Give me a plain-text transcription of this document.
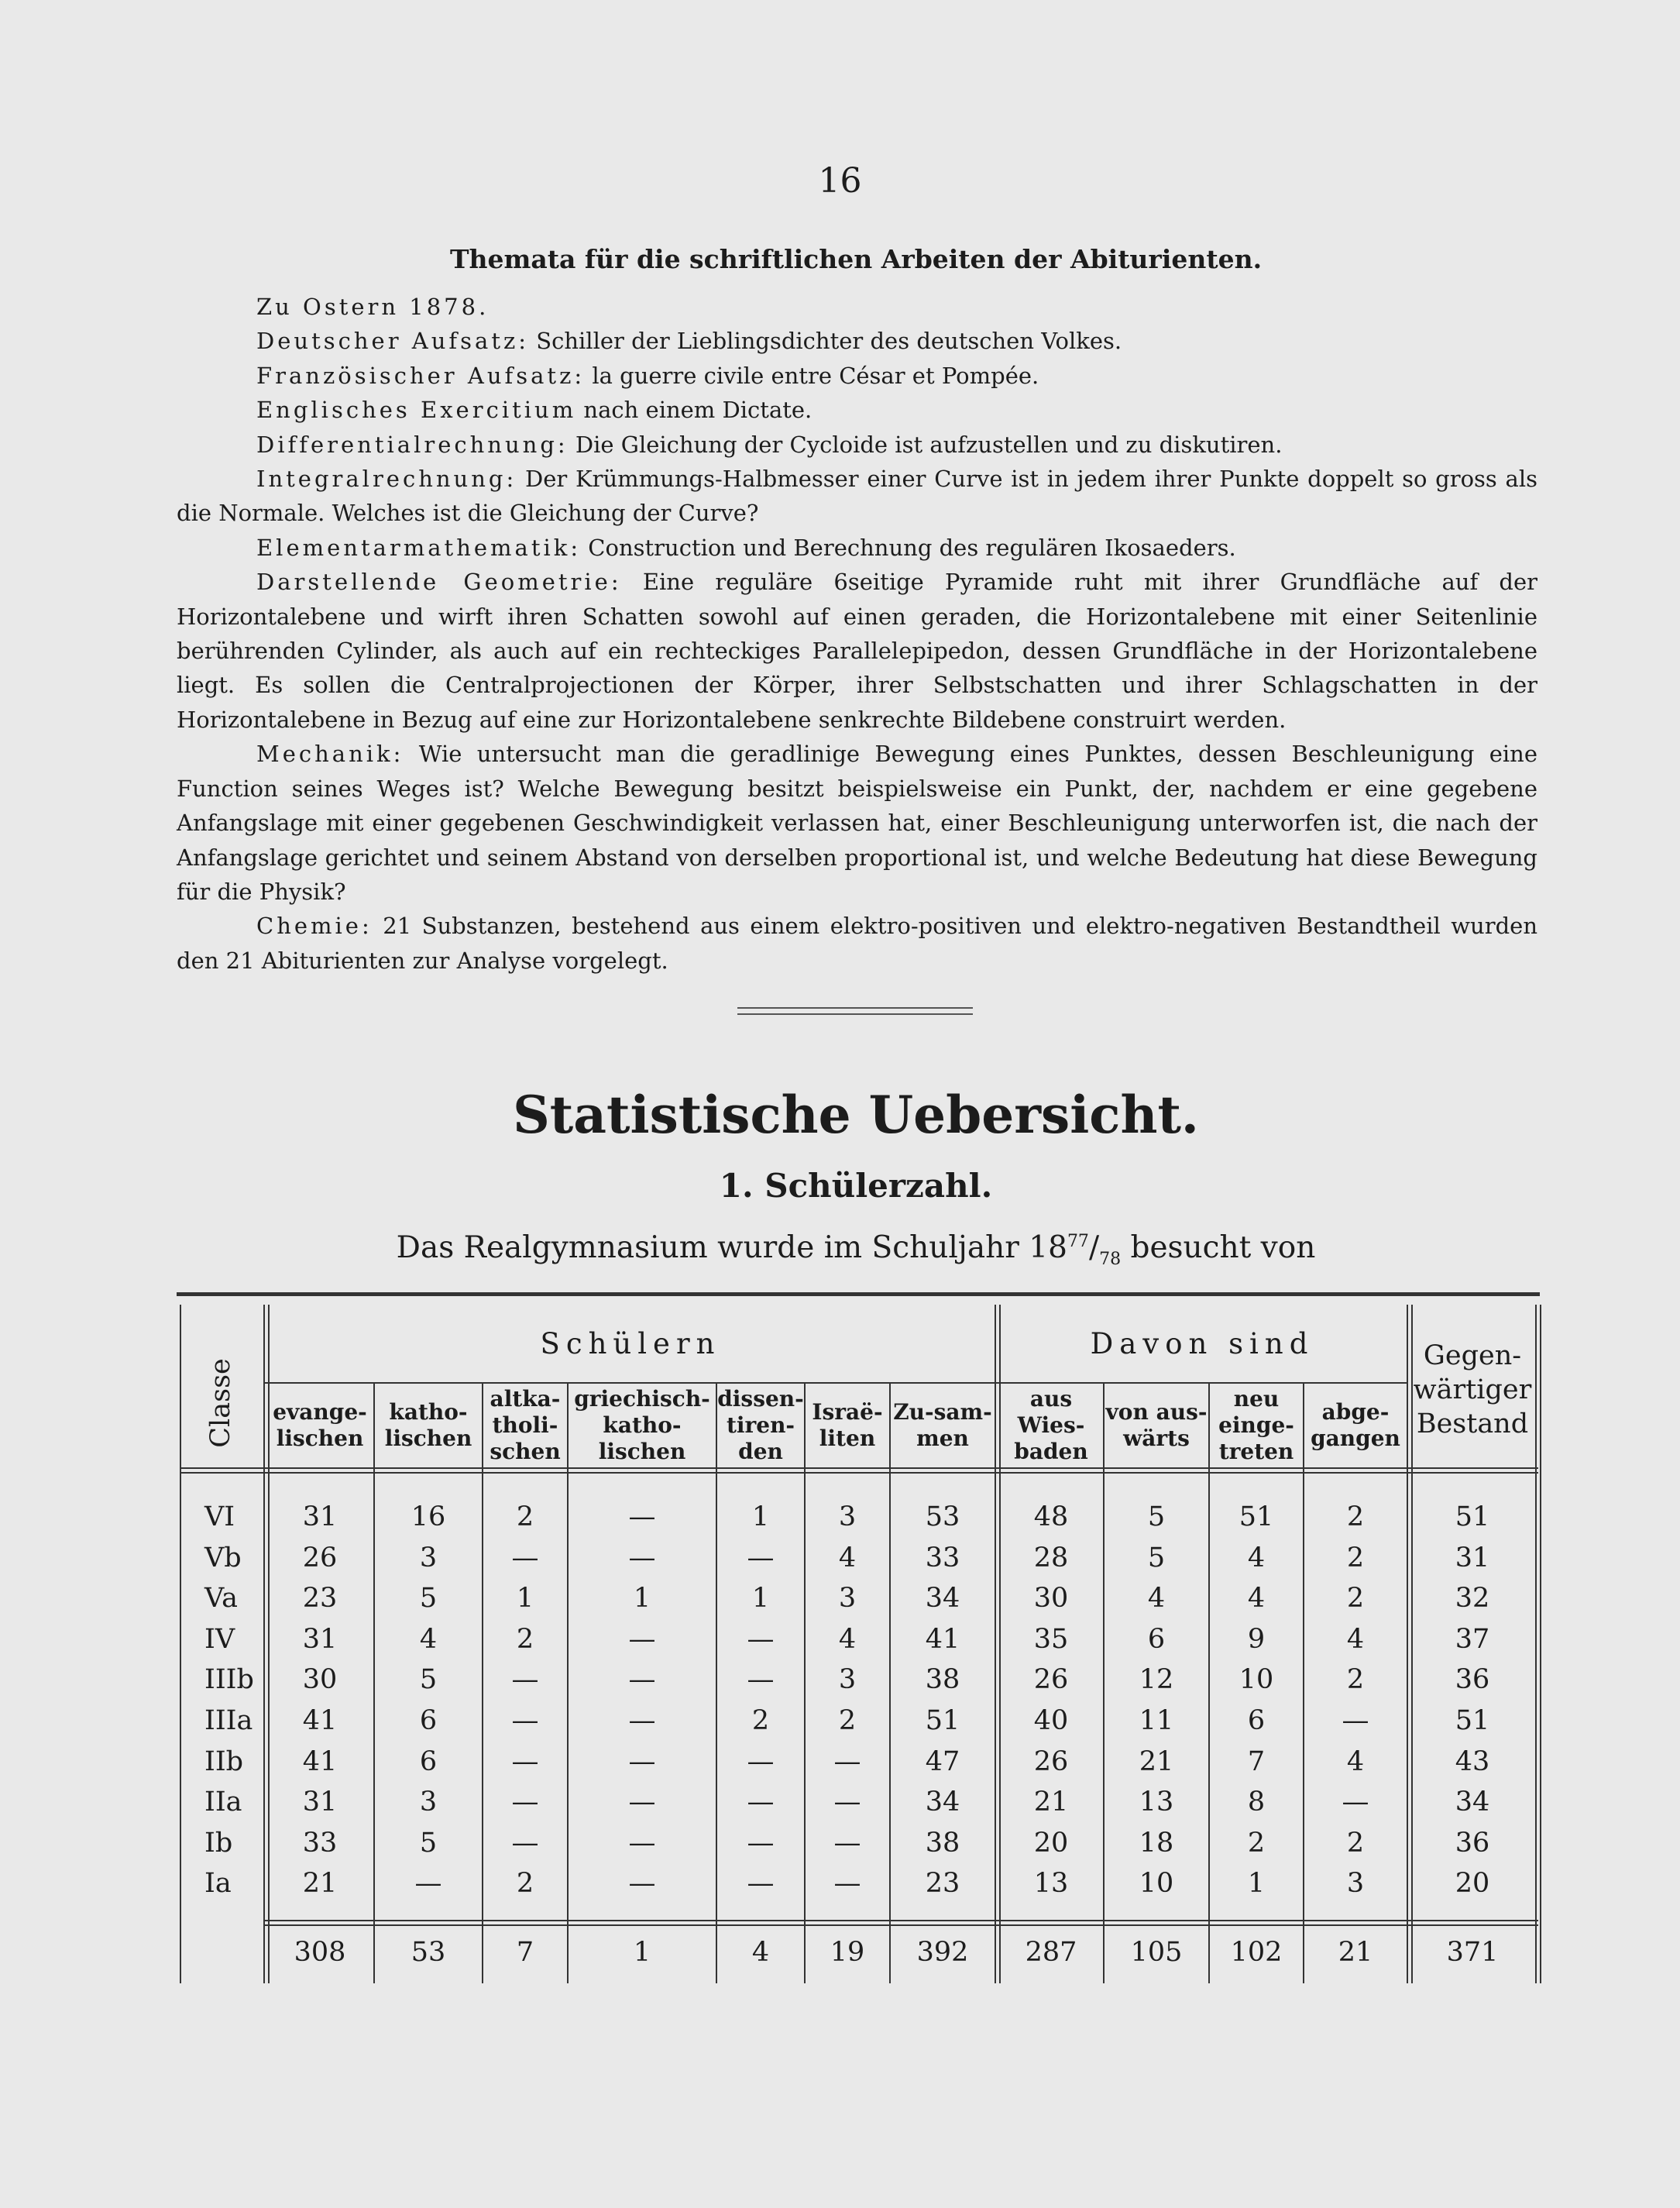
16
Themata für die schriftlichen Arbeiten der Abiturienten.

Zu Ostern 1878.

Deutscher Aufsatz: Schiller der Lieblingsdichter des deutschen Volkes.

Französischer Aufsatz: la guerre civile entre César et Pompée.

Englisches Exercitium nach einem Dictate.

Differentialrechnung: Die Gleichung der Cycloide ist aufzustellen und zu diskutiren.

Integralrechnung: Der Krümmungs-Halbmesser einer Curve ist in jedem ihrer Punkte doppelt so gross als die Normale. Welches ist die Gleichung der Curve?

Elementarmathematik: Construction und Berechnung des regulären Ikosaeders.

Darstellende Geometrie: Eine reguläre 6seitige Pyramide ruht mit ihrer Grundfläche auf der Horizontalebene und wirft ihren Schatten sowohl auf einen geraden, die Horizontalebene mit einer Seitenlinie berührenden Cylinder, als auch auf ein rechteckiges Parallelepipedon, dessen Grundfläche in der Horizontalebene liegt. Es sollen die Centralprojectionen der Körper, ihrer Selbstschatten und ihrer Schlagschatten in der Horizontalebene in Bezug auf eine zur Horizontalebene senkrechte Bildebene construirt werden.

Mechanik: Wie untersucht man die geradlinige Bewegung eines Punktes, dessen Beschleunigung eine Function seines Weges ist? Welche Bewegung besitzt beispielsweise ein Punkt, der, nachdem er eine gegebene Anfangslage mit einer gegebenen Geschwindigkeit verlassen hat, einer Beschleunigung unterworfen ist, die nach der Anfangslage gerichtet und seinem Abstand von derselben proportional ist, und welche Bedeutung hat diese Bewegung für die Physik?

Chemie: 21 Substanzen, bestehend aus einem elektro-positiven und elektro-negativen Bestandtheil wurden den 21 Abiturienten zur Analyse vorgelegt.

Statistische Uebersicht.
1. Schülerzahl.
Das Realgymnasium wurde im Schuljahr $18^{77}/_{78}$ besucht von
Classe
Schülern	Davon sind	Gegen-wärtiger Bestand
evange-lischen
katho-lischen
altka-tholi-schen
griechisch-katho-lischen
dissen-tiren-den
Israë-liten
Zu-sam-men
aus Wies-baden
von aus-wärts
neu einge-treten
abge-gangen
VI	31	16	2	—	1	3	53	48	5	51	2	51
Vb	26	3	—	—	—	4	33	28	5	4	2	31
Va	23	5	1	1	1	3	34	30	4	4	2	32
IV	31	4	2	—	—	4	41	35	6	9	4	37
IIIb	30	5	—	—	—	3	38	26	12	10	2	36
IIIa	41	6	—	—	2	2	51	40	11	6	—	51
IIb	41	6	—	—	—	—	47	26	21	7	4	43
IIa	31	3	—	—	—	—	34	21	13	8	—	34
Ib	33	5	—	—	—	—	38	20	18	2	2	36
Ia	21	—	2	—	—	—	23	13	10	1	3	20
308	53	7	1	4	19	392	287	105	102	21	371
